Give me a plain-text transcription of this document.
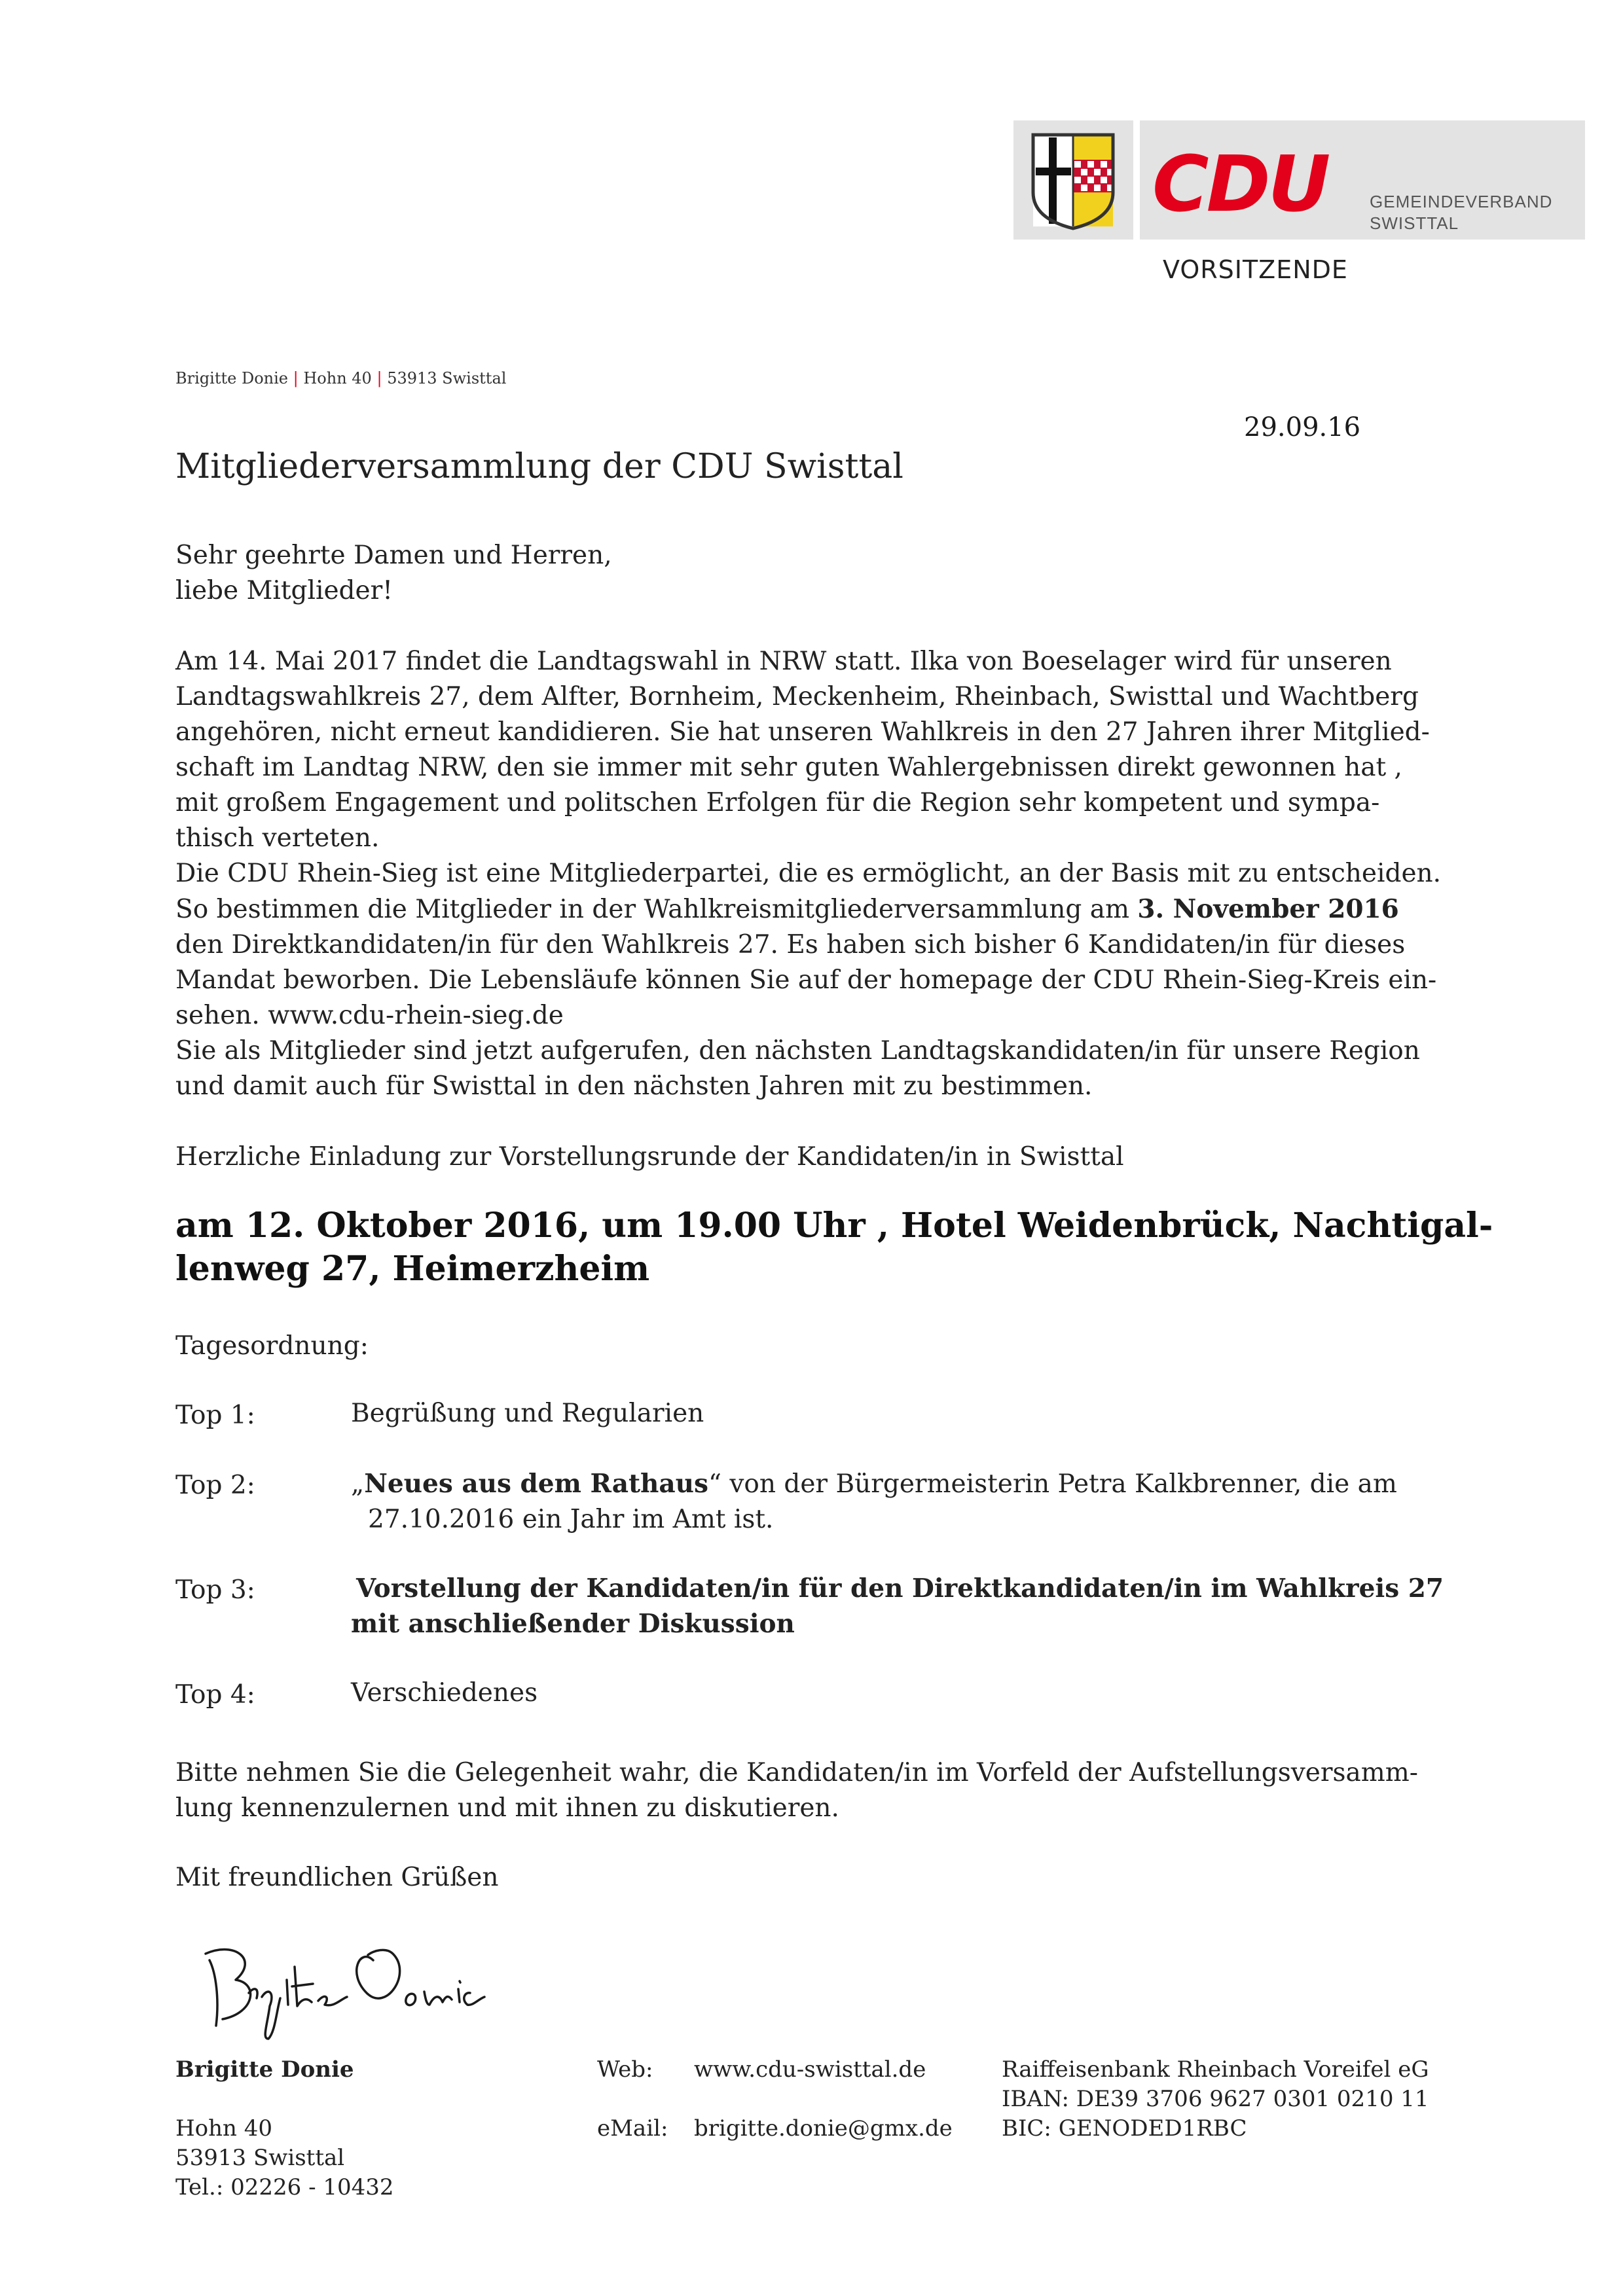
CDU GEMEINDEVERBAND
SWISTTAL
VORSITZENDE
Brigitte Donie | Hohn 40 | 53913 Swisttal
29.09.16
Mitgliederversammlung der CDU Swisttal

Sehr geehrte Damen und Herren,
liebe Mitglieder!

Am 14. Mai 2017 findet die Landtagswahl in NRW statt. Ilka von Boeselager wird für unseren
Landtagswahlkreis 27, dem Alfter, Bornheim, Meckenheim, Rheinbach, Swisttal und Wachtberg
angehören, nicht erneut kandidieren. Sie hat unseren Wahlkreis in den 27 Jahren ihrer Mitglied-
schaft im Landtag NRW, den sie immer mit sehr guten Wahlergebnissen direkt gewonnen hat ,
mit großem Engagement und politschen Erfolgen für die Region sehr kompetent und sympa-
thisch verteten.
Die CDU Rhein-Sieg ist eine Mitgliederpartei, die es ermöglicht, an der Basis mit zu entscheiden.
So bestimmen die Mitglieder in der Wahlkreismitgliederversammlung am 3. November 2016
den Direktkandidaten/in für den Wahlkreis 27. Es haben sich bisher 6 Kandidaten/in für dieses
Mandat beworben. Die Lebensläufe können Sie auf der homepage der CDU Rhein-Sieg-Kreis ein-
sehen. www.cdu-rhein-sieg.de
Sie als Mitglieder sind jetzt aufgerufen, den nächsten Landtagskandidaten/in für unsere Region
und damit auch für Swisttal in den nächsten Jahren mit zu bestimmen.

Herzliche Einladung zur Vorstellungsrunde der Kandidaten/in in Swisttal

am 12. Oktober 2016, um 19.00 Uhr , Hotel Weidenbrück, Nachtigal-
lenweg 27, Heimerzheim
Tagesordnung:
Top 1:	Begrüßung und Regularien
Top 2:	„Neues aus dem Rathaus“ von der Bürgermeisterin Petra Kalkbrenner, die am
27.10.2016 ein Jahr im Amt ist.
Top 3:	Vorstellung der Kandidaten/in für den Direktkandidaten/in im Wahlkreis 27
mit anschließender Diskussion
Top 4:	Verschiedenes
Bitte nehmen Sie die Gelegenheit wahr, die Kandidaten/in im Vorfeld der Aufstellungsversamm-
lung kennenzulernen und mit ihnen zu diskutieren.
Mit freundlichen Grüßen
Brigitte Donie
Hohn 40
53913 Swisttal
Tel.: 02226 - 10432
Web: www.cdu-swisttal.de
eMail: brigitte.donie@gmx.de
Raiffeisenbank Rheinbach Voreifel eG
IBAN: DE39 3706 9627 0301 0210 11
BIC: GENODED1RBC
